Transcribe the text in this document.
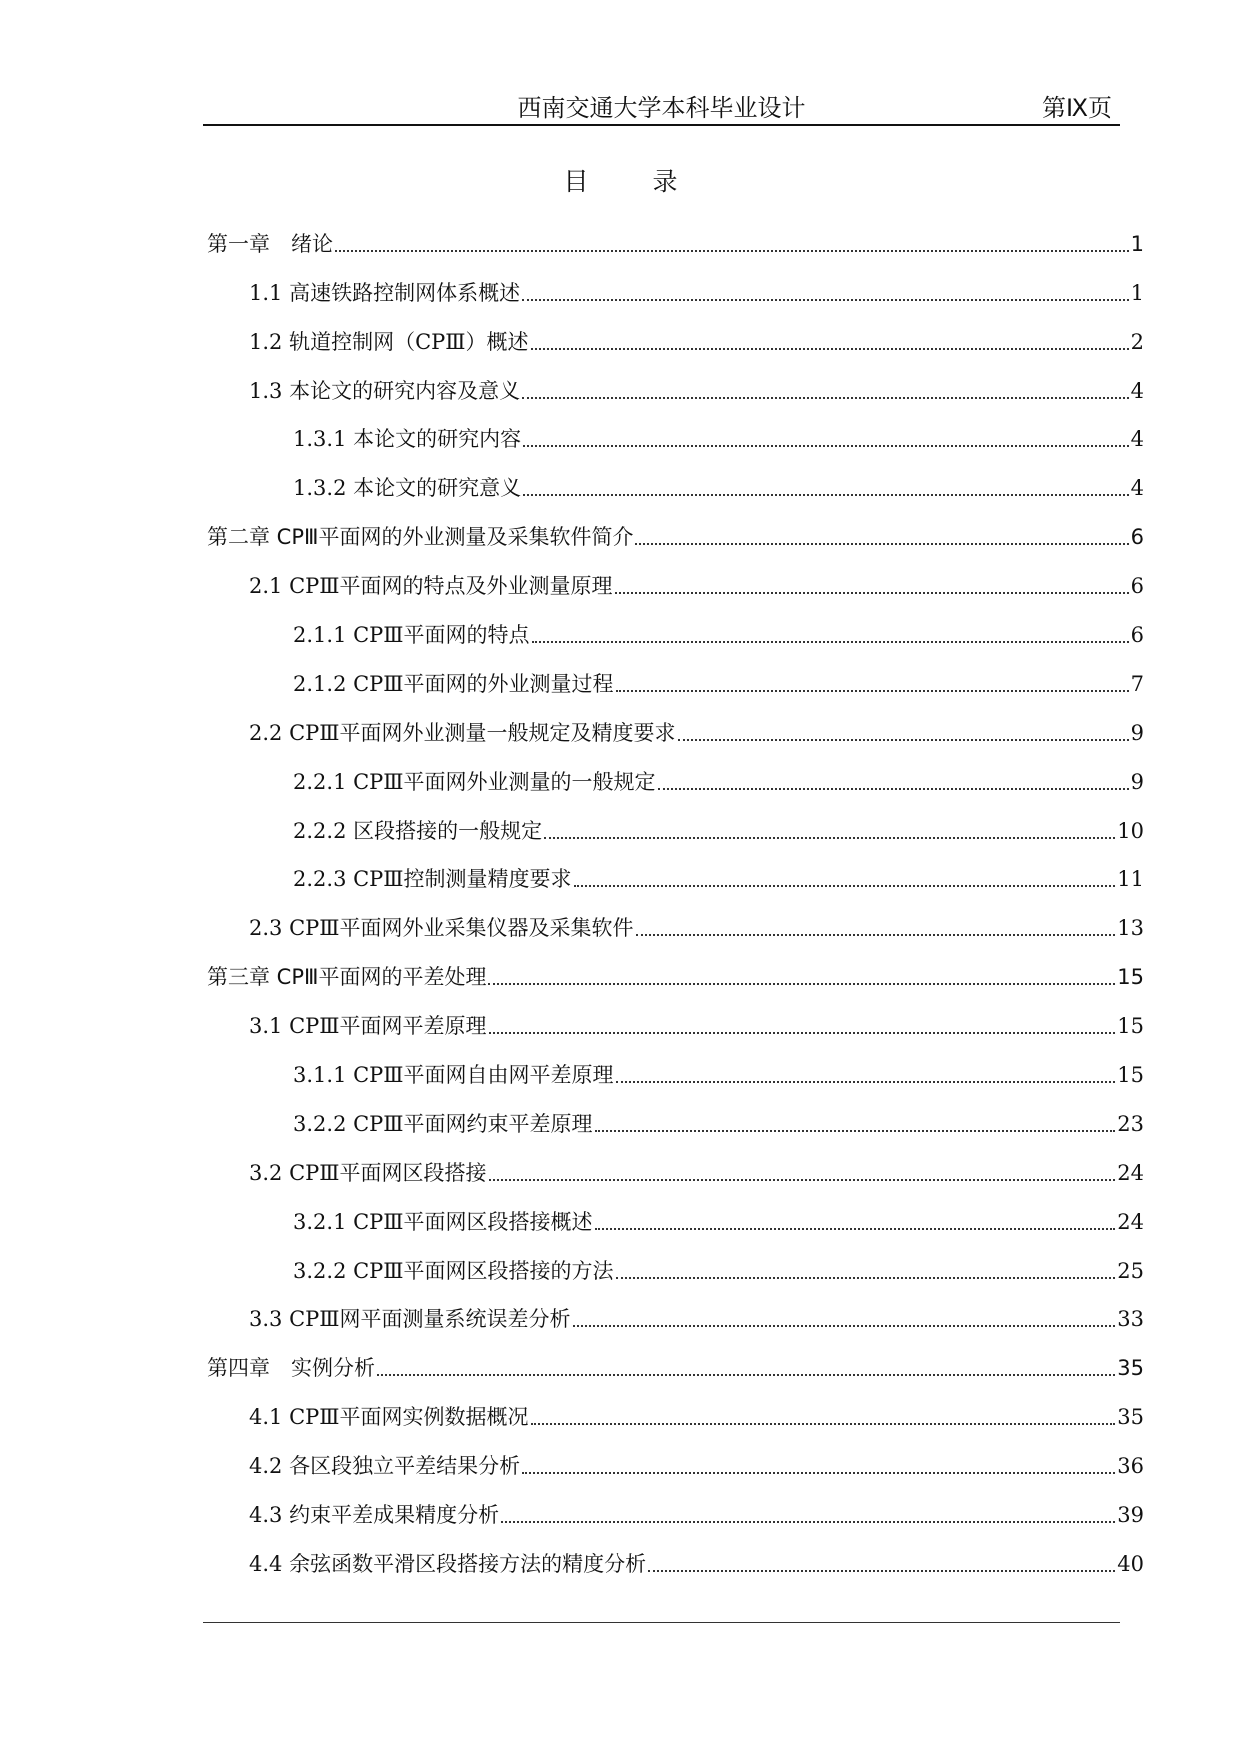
西南交通大学本科毕业设计	第Ⅸ页
目录
第一章　绪论	1
1.1 高速铁路控制网体系概述	1
1.2 轨道控制网（CPⅢ）概述	2
1.3 本论文的研究内容及意义	4
1.3.1 本论文的研究内容	4
1.3.2 本论文的研究意义	4
第二章 CPⅢ平面网的外业测量及采集软件简介	6
2.1 CPⅢ平面网的特点及外业测量原理	6
2.1.1 CPⅢ平面网的特点	6
2.1.2 CPⅢ平面网的外业测量过程	7
2.2 CPⅢ平面网外业测量一般规定及精度要求	9
2.2.1 CPⅢ平面网外业测量的一般规定	9
2.2.2 区段搭接的一般规定	10
2.2.3 CPⅢ控制测量精度要求	11
2.3 CPⅢ平面网外业采集仪器及采集软件	13
第三章 CPⅢ平面网的平差处理	15
3.1 CPⅢ平面网平差原理	15
3.1.1 CPⅢ平面网自由网平差原理	15
3.2.2 CPⅢ平面网约束平差原理	23
3.2 CPⅢ平面网区段搭接	24
3.2.1 CPⅢ平面网区段搭接概述	24
3.2.2 CPⅢ平面网区段搭接的方法	25
3.3 CPⅢ网平面测量系统误差分析	33
第四章　实例分析	35
4.1 CPⅢ平面网实例数据概况	35
4.2 各区段独立平差结果分析	36
4.3 约束平差成果精度分析	39
4.4 余弦函数平滑区段搭接方法的精度分析	40
